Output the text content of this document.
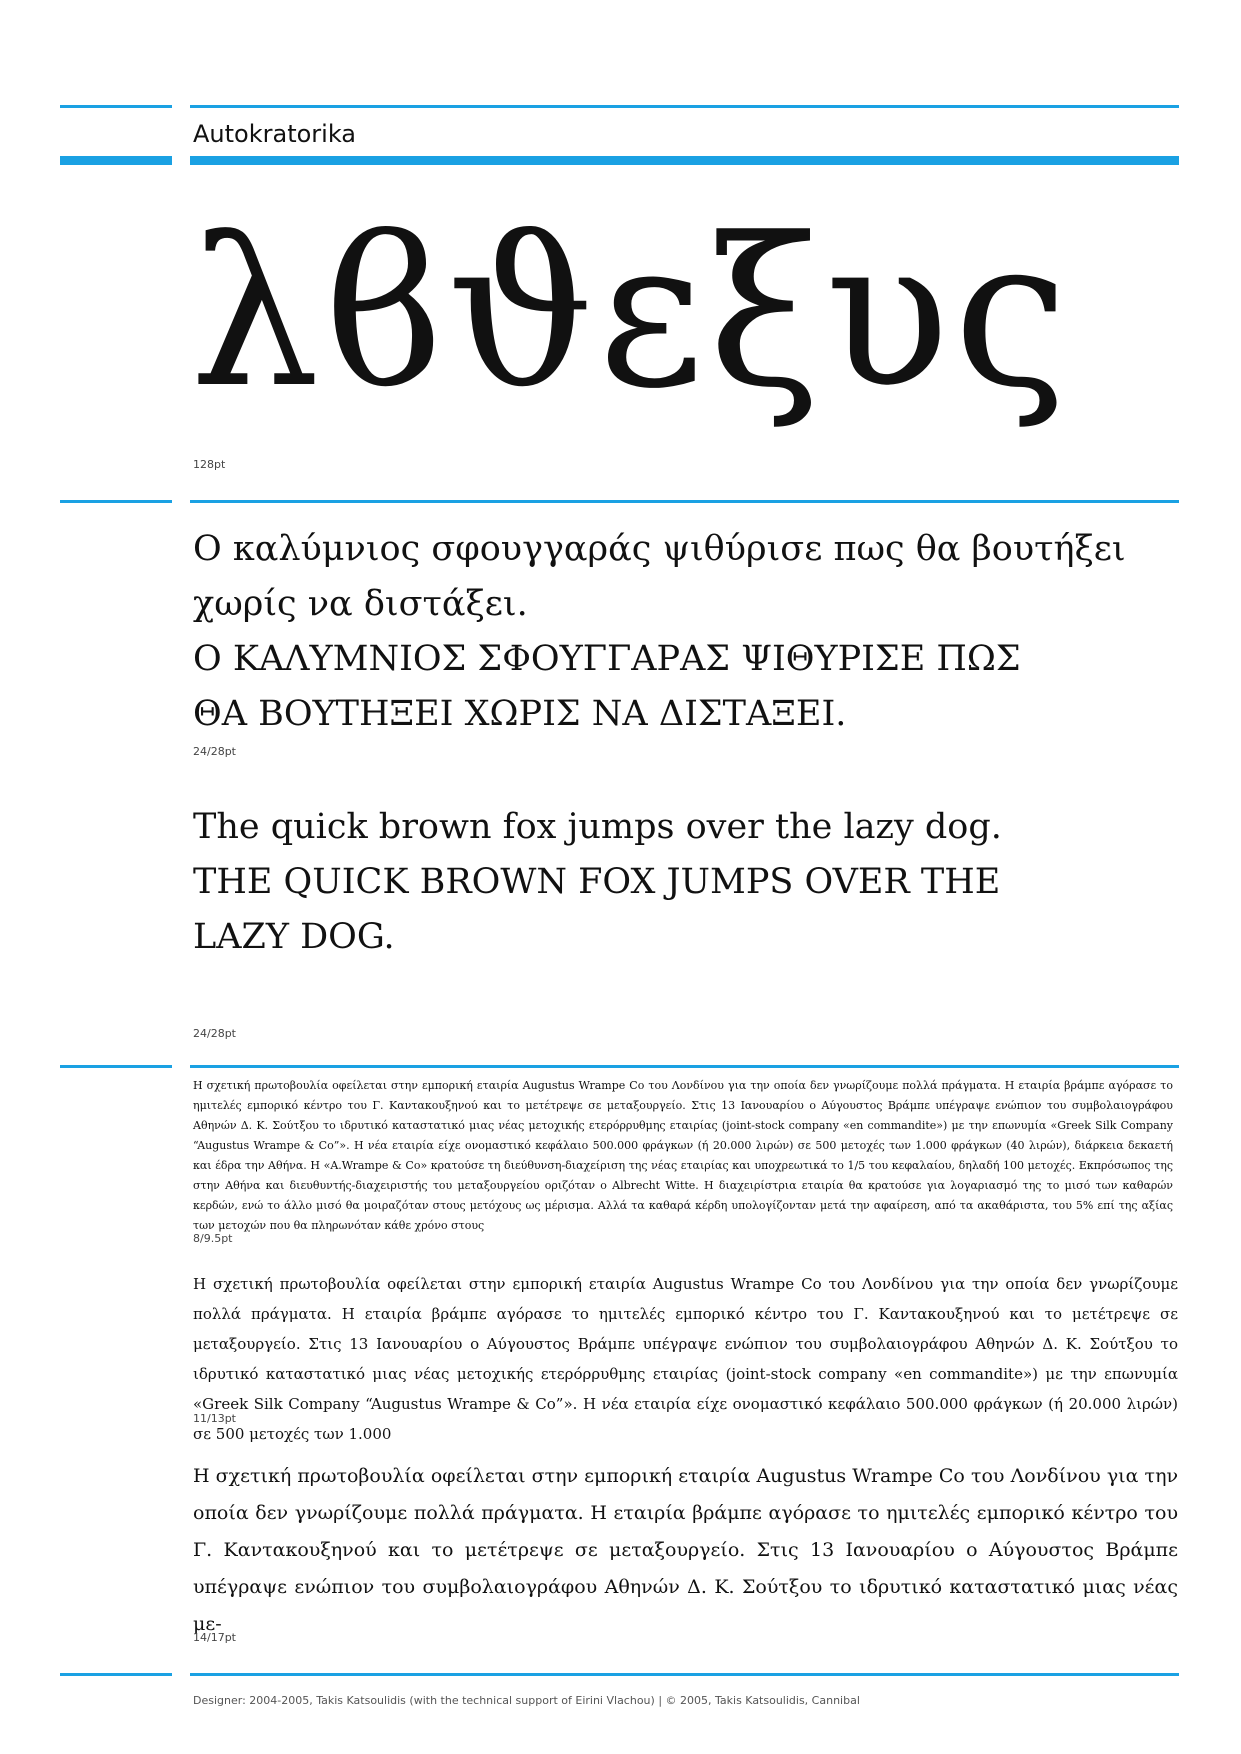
Autokratorika
λϐϑεξυς
128pt
Ο καλύμνιος σφουγγαράς ψιθύρισε πως θα βουτήξει
χωρίς να διστάξει.
Ο ΚΑΛΥΜΝΙΟΣ ΣΦΟΥΓΓΑΡΑΣ ΨΙΘΥΡΙΣΕ ΠΩΣ
ΘΑ ΒΟΥΤΗΞΕΙ ΧΩΡΙΣ ΝΑ ΔΙΣΤΑΞΕΙ.
24/28pt
The quick brown fox jumps over the lazy dog.
THE QUICK BROWN FOX JUMPS OVER THE
LAZY DOG.
24/28pt
Η σχετική πρωτοβουλία οφείλεται στην εμπορική εταιρία Augustus Wrampe Co του Λονδίνου για την οποία δεν γνωρίζουμε πολλά πράγματα. Η εταιρία βράμπε αγόρασε το ημιτελές εμπορικό κέντρο του Γ. Καντακουξηνού και το μετέτρεψε σε μεταξουργείο. Στις 13 Ιανουαρίου ο Αύγουστος Βράμπε υπέγραψε ενώπιον του συμβολαιογράφου Αθηνών Δ. Κ. Σούτξου το ιδρυτικό καταστατικό μιας νέας μετοχικής ετερόρρυθμης εταιρίας (joint-stock company «en commandite») με την επωνυμία «Greek Silk Company “Augustus Wrampe & Co”». Η νέα εταιρία είχε ονομαστικό κεφάλαιο 500.000 φράγκων (ή 20.000 λιρών) σε 500 μετοχές των 1.000 φράγκων (40 λιρών), διάρκεια δεκαετή και έδρα την Αθήνα. Η «A.Wrampe & Co» κρατούσε τη διεύθυνση-διαχείριση της νέας εταιρίας και υποχρεωτικά το 1/5 του κεφαλαίου, δηλαδή 100 μετοχές. Εκπρόσωπος της στην Αθήνα και διευθυντής-διαχειριστής του μεταξουργείου οριζόταν ο Albrecht Witte. Η διαχειρίστρια εταιρία θα κρατούσε για λογαριασμό της το μισό των καθαρών κερδών, ενώ το άλλο μισό θα μοιραζόταν στους μετόχους ως μέρισμα. Αλλά τα καθαρά κέρδη υπολογίζονταν μετά την αφαίρεση, από τα ακαθάριστα, του 5% επί της αξίας των μετοχών που θα πληρωνόταν κάθε χρόνο στους
8/9.5pt
Η σχετική πρωτοβουλία οφείλεται στην εμπορική εταιρία Augustus Wrampe Co του Λονδίνου για την οποία δεν γνωρίζουμε πολλά πράγματα. Η εταιρία βράμπε αγόρασε το ημιτελές εμπορικό κέντρο του Γ. Καντακουξηνού και το μετέτρεψε σε μεταξουργείο. Στις 13 Ιανουαρίου ο Αύγουστος Βράμπε υπέγραψε ενώπιον του συμβολαιογράφου Αθηνών Δ. Κ. Σούτξου το ιδρυτικό καταστατικό μιας νέας μετοχικής ετερόρρυθμης εταιρίας (joint-stock company «en commandite») με την επωνυμία «Greek Silk Company “Augustus Wrampe & Co”». Η νέα εταιρία είχε ονομαστικό κεφάλαιο 500.000 φράγκων (ή 20.000 λιρών) σε 500 μετοχές των 1.000
11/13pt
Η σχετική πρωτοβουλία οφείλεται στην εμπορική εταιρία Augustus Wrampe Co του Λονδίνου για την οποία δεν γνωρίζουμε πολλά πράγματα. Η εταιρία βράμπε αγόρασε το ημιτελές εμπορικό κέντρο του Γ. Καντακουξηνού και το μετέτρεψε σε μεταξουργείο. Στις 13 Ιανουαρίου ο Αύγουστος Βράμπε υπέγραψε ενώπιον του συμβολαιογράφου Αθηνών Δ. Κ. Σούτξου το ιδρυτικό καταστατικό μιας νέας με-
14/17pt
Designer: 2004-2005, Takis Katsoulidis (with the technical support of Eirini Vlachou) | © 2005, Takis Katsoulidis, Cannibal
